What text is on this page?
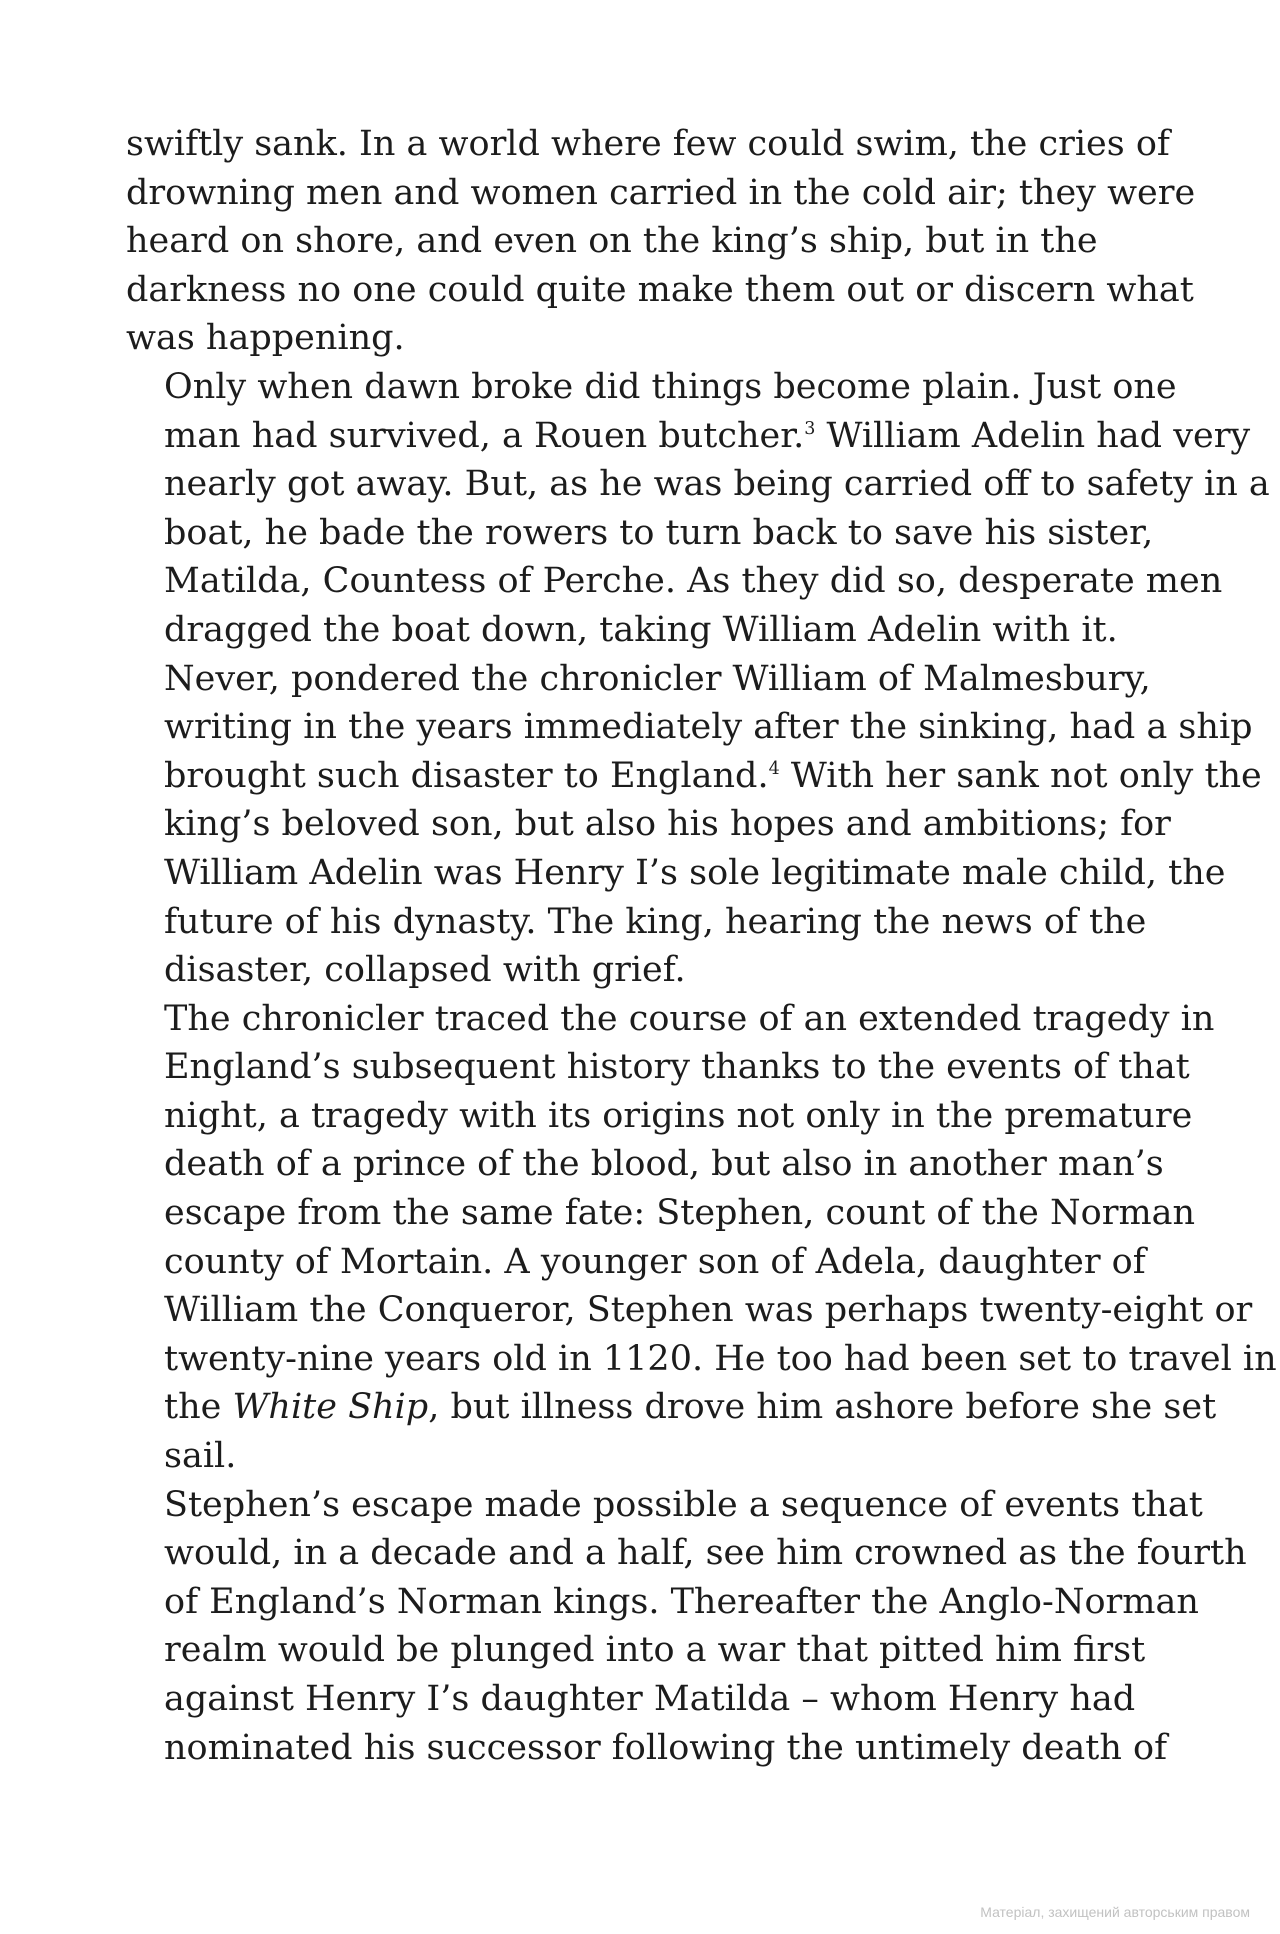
swiftly sank. In a world where few could swim, the cries of
drowning men and women carried in the cold air; they were
heard on shore, and even on the king’s ship, but in the
darkness no one could quite make them out or discern what
was happening.

Only when dawn broke did things become plain. Just one
man had survived, a Rouen butcher.$^3$ William Adelin had very
nearly got away. But, as he was being carried off to safety in a
boat, he bade the rowers to turn back to save his sister,
Matilda, Countess of Perche. As they did so, desperate men
dragged the boat down, taking William Adelin with it.

Never, pondered the chronicler William of Malmesbury,
writing in the years immediately after the sinking, had a ship
brought such disaster to England.$^4$ With her sank not only the
king’s beloved son, but also his hopes and ambitions; for
William Adelin was Henry I’s sole legitimate male child, the
future of his dynasty. The king, hearing the news of the
disaster, collapsed with grief.

The chronicler traced the course of an extended tragedy in
England’s subsequent history thanks to the events of that
night, a tragedy with its origins not only in the premature
death of a prince of the blood, but also in another man’s
escape from the same fate: Stephen, count of the Norman
county of Mortain. A younger son of Adela, daughter of
William the Conqueror, Stephen was perhaps twenty-eight or
twenty-nine years old in 1120. He too had been set to travel in
the White Ship, but illness drove him ashore before she set
sail.

Stephen’s escape made possible a sequence of events that
would, in a decade and a half, see him crowned as the fourth
of England’s Norman kings. Thereafter the Anglo-Norman
realm would be plunged into a war that pitted him first
against Henry I’s daughter Matilda – whom Henry had
nominated his successor following the untimely death of

Матеріал, захищений авторським правом
